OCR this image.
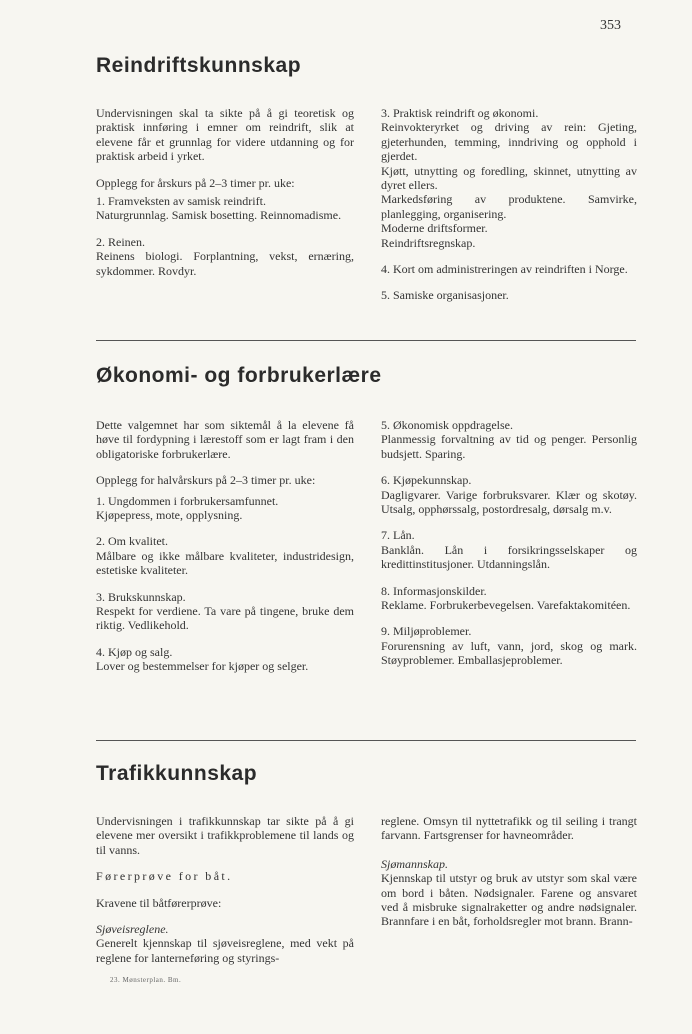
353
Reindriftskunnskap

Undervisningen skal ta sikte på å gi teoretisk og praktisk innføring i emner om reindrift, slik at elevene får et grunnlag for videre utdanning og for praktisk arbeid i yrket.

Opplegg for årskurs på 2–3 timer pr. uke:

1. Framveksten av samisk reindrift.
Naturgrunnlag. Samisk bosetting. Reinnomadisme.
2. Reinen.
Reinens biologi. Forplantning, vekst, ernæring, sykdommer. Rovdyr.
3. Praktisk reindrift og økonomi.
Reinvokteryrket og driving av rein: Gjeting, gjeterhunden, temming, inndriving og opphold i gjerdet.
Kjøtt, utnytting og foredling, skinnet, utnytting av dyret ellers.
Markedsføring av produktene. Samvirke, planlegging, organisering.
Moderne driftsformer.
Reindriftsregnskap.
4. Kort om administreringen av reindriften i Norge.
5. Samiske organisasjoner.
Økonomi- og forbrukerlære

Dette valgemnet har som siktemål å la elevene få høve til fordypning i lærestoff som er lagt fram i den obligatoriske forbrukerlære.

Opplegg for halvårskurs på 2–3 timer pr. uke:

1. Ungdommen i forbrukersamfunnet.
Kjøpepress, mote, opplysning.
2. Om kvalitet.
Målbare og ikke målbare kvaliteter, industridesign, estetiske kvaliteter.
3. Brukskunnskap.
Respekt for verdiene. Ta vare på tingene, bruke dem riktig. Vedlikehold.
4. Kjøp og salg.
Lover og bestemmelser for kjøper og selger.
5. Økonomisk oppdragelse.
Planmessig forvaltning av tid og penger. Personlig budsjett. Sparing.
6. Kjøpekunnskap.
Dagligvarer. Varige forbruksvarer. Klær og skotøy. Utsalg, opphørssalg, postordresalg, dørsalg m.v.
7. Lån.
Banklån. Lån i forsikringsselskaper og kredittinstitusjoner. Utdanningslån.
8. Informasjonskilder.
Reklame. Forbrukerbevegelsen. Varefaktakomitéen.
9. Miljøproblemer.
Forurensning av luft, vann, jord, skog og mark. Støyproblemer. Emballasjeproblemer.
Trafikkunnskap

Undervisningen i trafikkunnskap tar sikte på å gi elevene mer oversikt i trafikkproblemene til lands og til vanns.

Førerprøve for båt.

Kravene til båtførerprøve:

Sjøveisreglene.
Generelt kjennskap til sjøveisreglene, med vekt på reglene for lanterneføring og styrings-

reglene. Omsyn til nyttetrafikk og til seiling i trangt farvann. Fartsgrenser for havneområder.

Sjømannskap.
Kjennskap til utstyr og bruk av utstyr som skal være om bord i båten. Nødsignaler. Farene og ansvaret ved å misbruke signalraketter og andre nødsignaler. Brannfare i en båt, forholdsregler mot brann. Brann-
23. Mønsterplan. Bm.
